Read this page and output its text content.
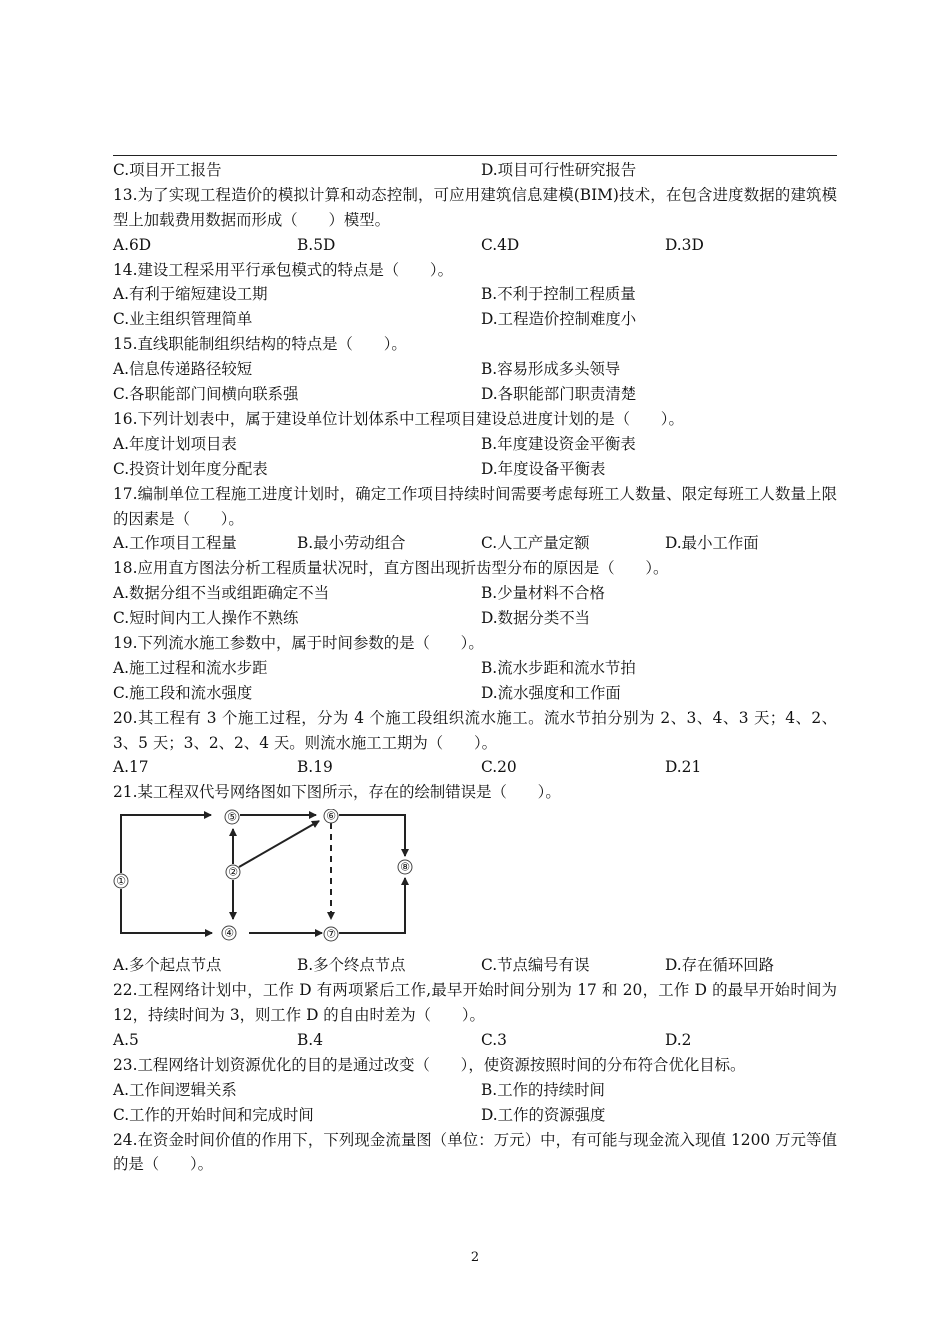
C.项目开工报告	D.项目可行性研究报告
13.为了实现工程造价的模拟计算和动态控制，可应用建筑信息建模(BIM)技术，在包含进度数据的建筑模型上加载费用数据而形成（　　）模型。
A.6D	B.5D	C.4D	D.3D
14.建设工程采用平行承包模式的特点是（　　）。
A.有利于缩短建设工期	B.不利于控制工程质量
C.业主组织管理简单	D.工程造价控制难度小
15.直线职能制组织结构的特点是（　　）。
A.信息传递路径较短	B.容易形成多头领导
C.各职能部门间横向联系强	D.各职能部门职责清楚
16.下列计划表中，属于建设单位计划体系中工程项目建设总进度计划的是（　　）。
A.年度计划项目表	B.年度建设资金平衡表
C.投资计划年度分配表	D.年度设备平衡表
17.编制单位工程施工进度计划时，确定工作项目持续时间需要考虑每班工人数量、限定每班工人数量上限的因素是（　　）。
A.工作项目工程量	B.最小劳动组合	C.人工产量定额	D.最小工作面
18.应用直方图法分析工程质量状况时，直方图出现折齿型分布的原因是（　　）。
A.数据分组不当或组距确定不当	B.少量材料不合格
C.短时间内工人操作不熟练	D.数据分类不当
19.下列流水施工参数中，属于时间参数的是（　　）。
A.施工过程和流水步距	B.流水步距和流水节拍
C.施工段和流水强度	D.流水强度和工作面
20.其工程有 3 个施工过程，分为 4 个施工段组织流水施工。流水节拍分别为 2、3、4、3 天；4、2、3、5 天；3、2、2、4 天。则流水施工工期为（　　）。
A.17	B.19	C.20	D.21
21.某工程双代号网络图如下图所示，存在的绘制错误是（　　）。
①
②
④
⑤	⑥
⑦
⑧
A.多个起点节点	B.多个终点节点	C.节点编号有误	D.存在循环回路
22.工程网络计划中，工作 D 有两项紧后工作,最早开始时间分别为 17 和 20，工作 D 的最早开始时间为 12，持续时间为 3，则工作 D 的自由时差为（　　）。
A.5	B.4	C.3	D.2
23.工程网络计划资源优化的目的是通过改变（　　），使资源按照时间的分布符合优化目标。
A.工作间逻辑关系	B.工作的持续时间
C.工作的开始时间和完成时间	D.工作的资源强度
24.在资金时间价值的作用下，下列现金流量图（单位：万元）中，有可能与现金流入现值 1200 万元等值的是（　　）。
2
